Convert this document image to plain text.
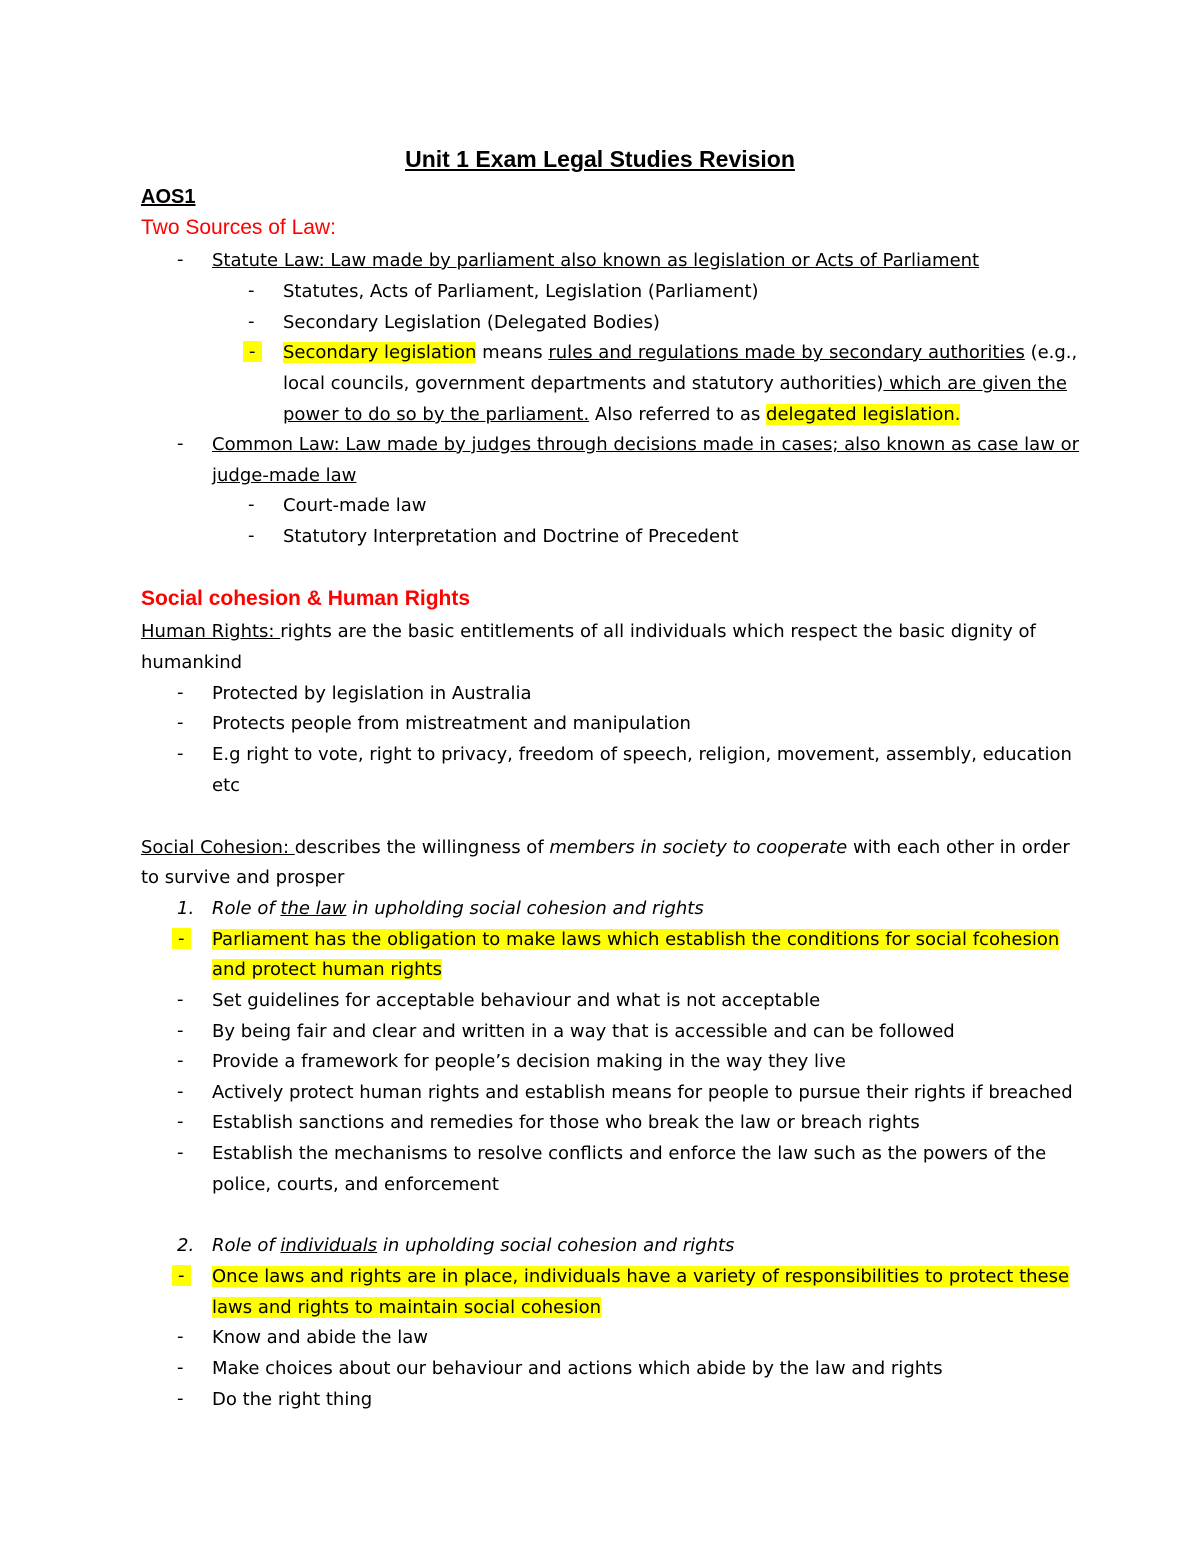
Unit 1 Exam Legal Studies Revision
AOS1
Two Sources of Law:
- Statute Law: Law made by parliament also known as legislation or Acts of Parliament
- Statutes, Acts of Parliament, Legislation (Parliament)
- Secondary Legislation (Delegated Bodies)
-	Secondary legislation means rules and regulations made by secondary authorities (e.g.,
local councils, government departments and statutory authorities) which are given the
power to do so by the parliament. Also referred to as delegated legislation.
- Common Law: Law made by judges through decisions made in cases; also known as case law or
judge-made law
- Court-made law
- Statutory Interpretation and Doctrine of Precedent
Social cohesion & Human Rights
Human Rights: rights are the basic entitlements of all individuals which respect the basic dignity of
humankind
- Protected by legislation in Australia
- Protects people from mistreatment and manipulation
- E.g right to vote, right to privacy, freedom of speech, religion, movement, assembly, education
etc
Social Cohesion: describes the willingness of members in society to cooperate with each other in order
to survive and prosper
1. Role of the law in upholding social cohesion and rights
-	Parliament has the obligation to make laws which establish the conditions for social fcohesion
and protect human rights
- Set guidelines for acceptable behaviour and what is not acceptable
- By being fair and clear and written in a way that is accessible and can be followed
- Provide a framework for people’s decision making in the way they live
- Actively protect human rights and establish means for people to pursue their rights if breached
- Establish sanctions and remedies for those who break the law or breach rights
- Establish the mechanisms to resolve conflicts and enforce the law such as the powers of the
police, courts, and enforcement
2. Role of individuals in upholding social cohesion and rights
-	Once laws and rights are in place, individuals have a variety of responsibilities to protect these
laws and rights to maintain social cohesion
- Know and abide the law
- Make choices about our behaviour and actions which abide by the law and rights
- Do the right thing
